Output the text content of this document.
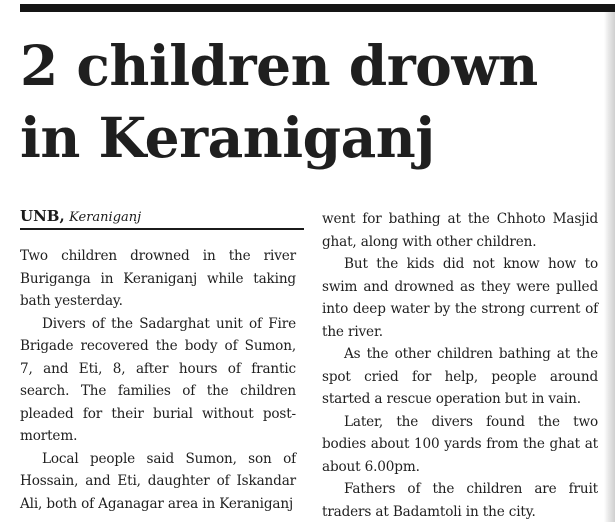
2 children drown in Keraniganj
UNB, Keraniganj

Two children drowned in the river Buriganga in Keraniganj while taking bath yesterday.

Divers of the Sadarghat unit of Fire Brigade recovered the body of Sumon, 7, and Eti, 8, after hours of frantic search. The families of the children pleaded for their burial without post-mortem.

Local people said Sumon, son of Hossain, and Eti, daughter of Iskandar Ali, both of Aganagar area in Keraniganj

went for bathing at the Chhoto Masjid ghat, along with other children.

But the kids did not know how to swim and drowned as they were pulled into deep water by the strong current of the river.

As the other children bathing at the spot cried for help, people around started a rescue operation but in vain.

Later, the divers found the two bodies about 100 yards from the ghat at about 6.00pm.

Fathers of the children are fruit traders at Badamtoli in the city.
